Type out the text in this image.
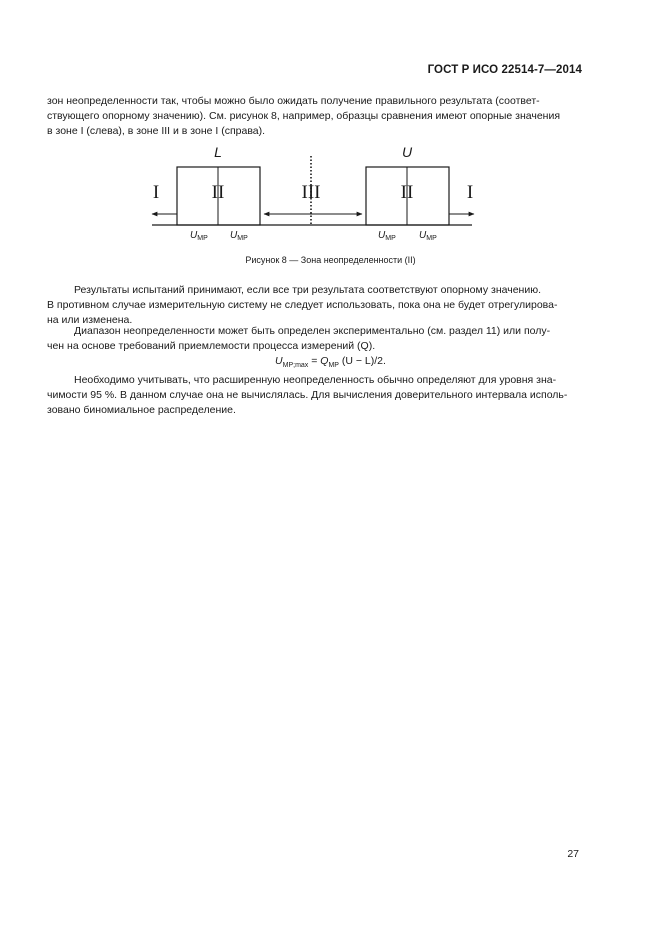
ГОСТ Р ИСО 22514-7—2014
зон неопределенности так, чтобы можно было ожидать получение правильного результата (соответ-
ствующего опорному значению). См. рисунок 8, например, образцы сравнения имеют опорные значения
в зоне I (слева), в зоне III и в зоне I (справа).
L	U
I	II	III	II	I
$U_{MP}$ $U_{MP}$	$U_{MP}$ $U_{MP}$
Рисунок 8 — Зона неопределенности (II)
Результаты испытаний принимают, если все три результата соответствуют опорному значению.
В противном случае измерительную систему не следует использовать, пока она не будет отрегулирова-
на или изменена.
Диапазон неопределенности может быть определен экспериментально (см. раздел 11) или полу-
чен на основе требований приемлемости процесса измерений (Q).
$U_{MP;max} = Q_{MP}$ (U − L)/2.
Необходимо учитывать, что расширенную неопределенность обычно определяют для уровня зна-
чимости 95 %. В данном случае она не вычислялась. Для вычисления доверительного интервала исполь-
зовано биномиальное распределение.
27
